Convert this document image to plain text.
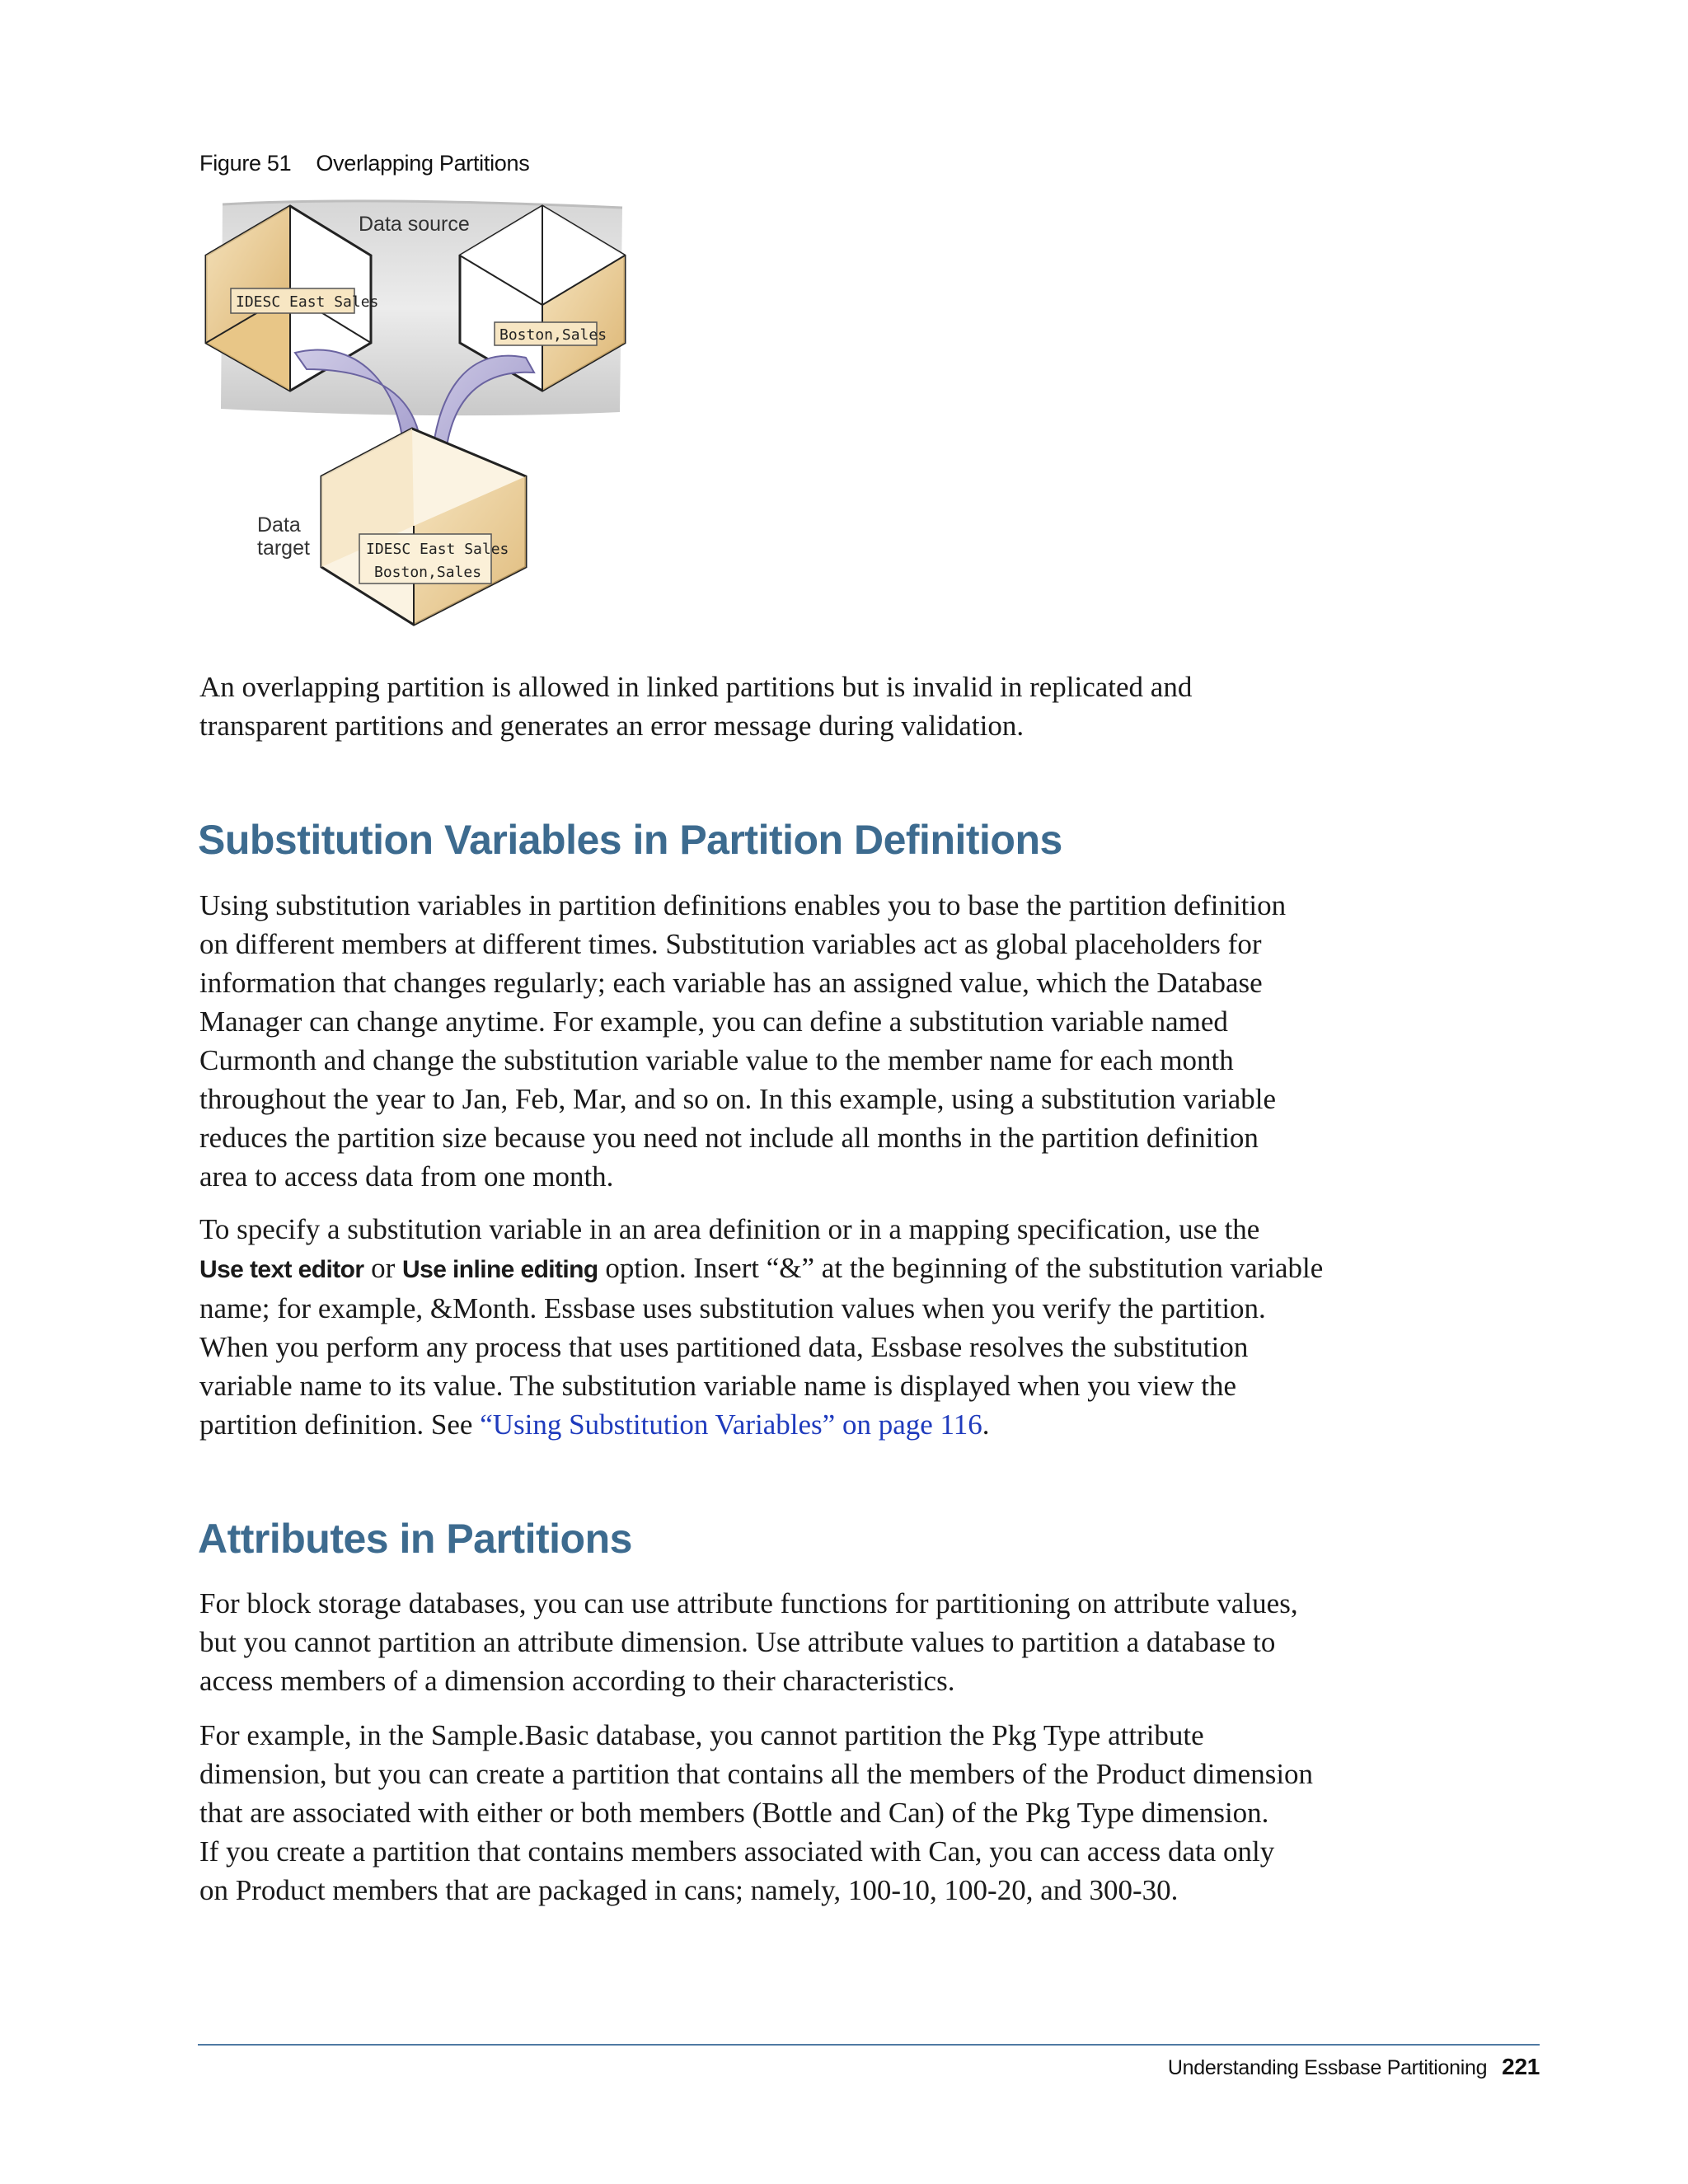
Figure 51 Overlapping Partitions
Data source
IDESC East Sales
Boston,Sales
IDESC East Sales
Boston,Sales
Data
target

An overlapping partition is allowed in linked partitions but is invalid in replicated and
transparent partitions and generates an error message during validation.

Substitution Variables in Partition Definitions

Using substitution variables in partition definitions enables you to base the partition definition
on different members at different times. Substitution variables act as global placeholders for
information that changes regularly; each variable has an assigned value, which the Database
Manager can change anytime. For example, you can define a substitution variable named
Curmonth and change the substitution variable value to the member name for each month
throughout the year to Jan, Feb, Mar, and so on. In this example, using a substitution variable
reduces the partition size because you need not include all months in the partition definition
area to access data from one month.

To specify a substitution variable in an area definition or in a mapping specification, use the
Use text editor or Use inline editing option. Insert “&” at the beginning of the substitution variable
name; for example, &Month. Essbase uses substitution values when you verify the partition.
When you perform any process that uses partitioned data, Essbase resolves the substitution
variable name to its value. The substitution variable name is displayed when you view the
partition definition. See “Using Substitution Variables” on page 116.

Attributes in Partitions

For block storage databases, you can use attribute functions for partitioning on attribute values,
but you cannot partition an attribute dimension. Use attribute values to partition a database to
access members of a dimension according to their characteristics.

For example, in the Sample.Basic database, you cannot partition the Pkg Type attribute
dimension, but you can create a partition that contains all the members of the Product dimension
that are associated with either or both members (Bottle and Can) of the Pkg Type dimension.
If you create a partition that contains members associated with Can, you can access data only
on Product members that are packaged in cans; namely, 100-10, 100-20, and 300-30.

Understanding Essbase Partitioning 221
